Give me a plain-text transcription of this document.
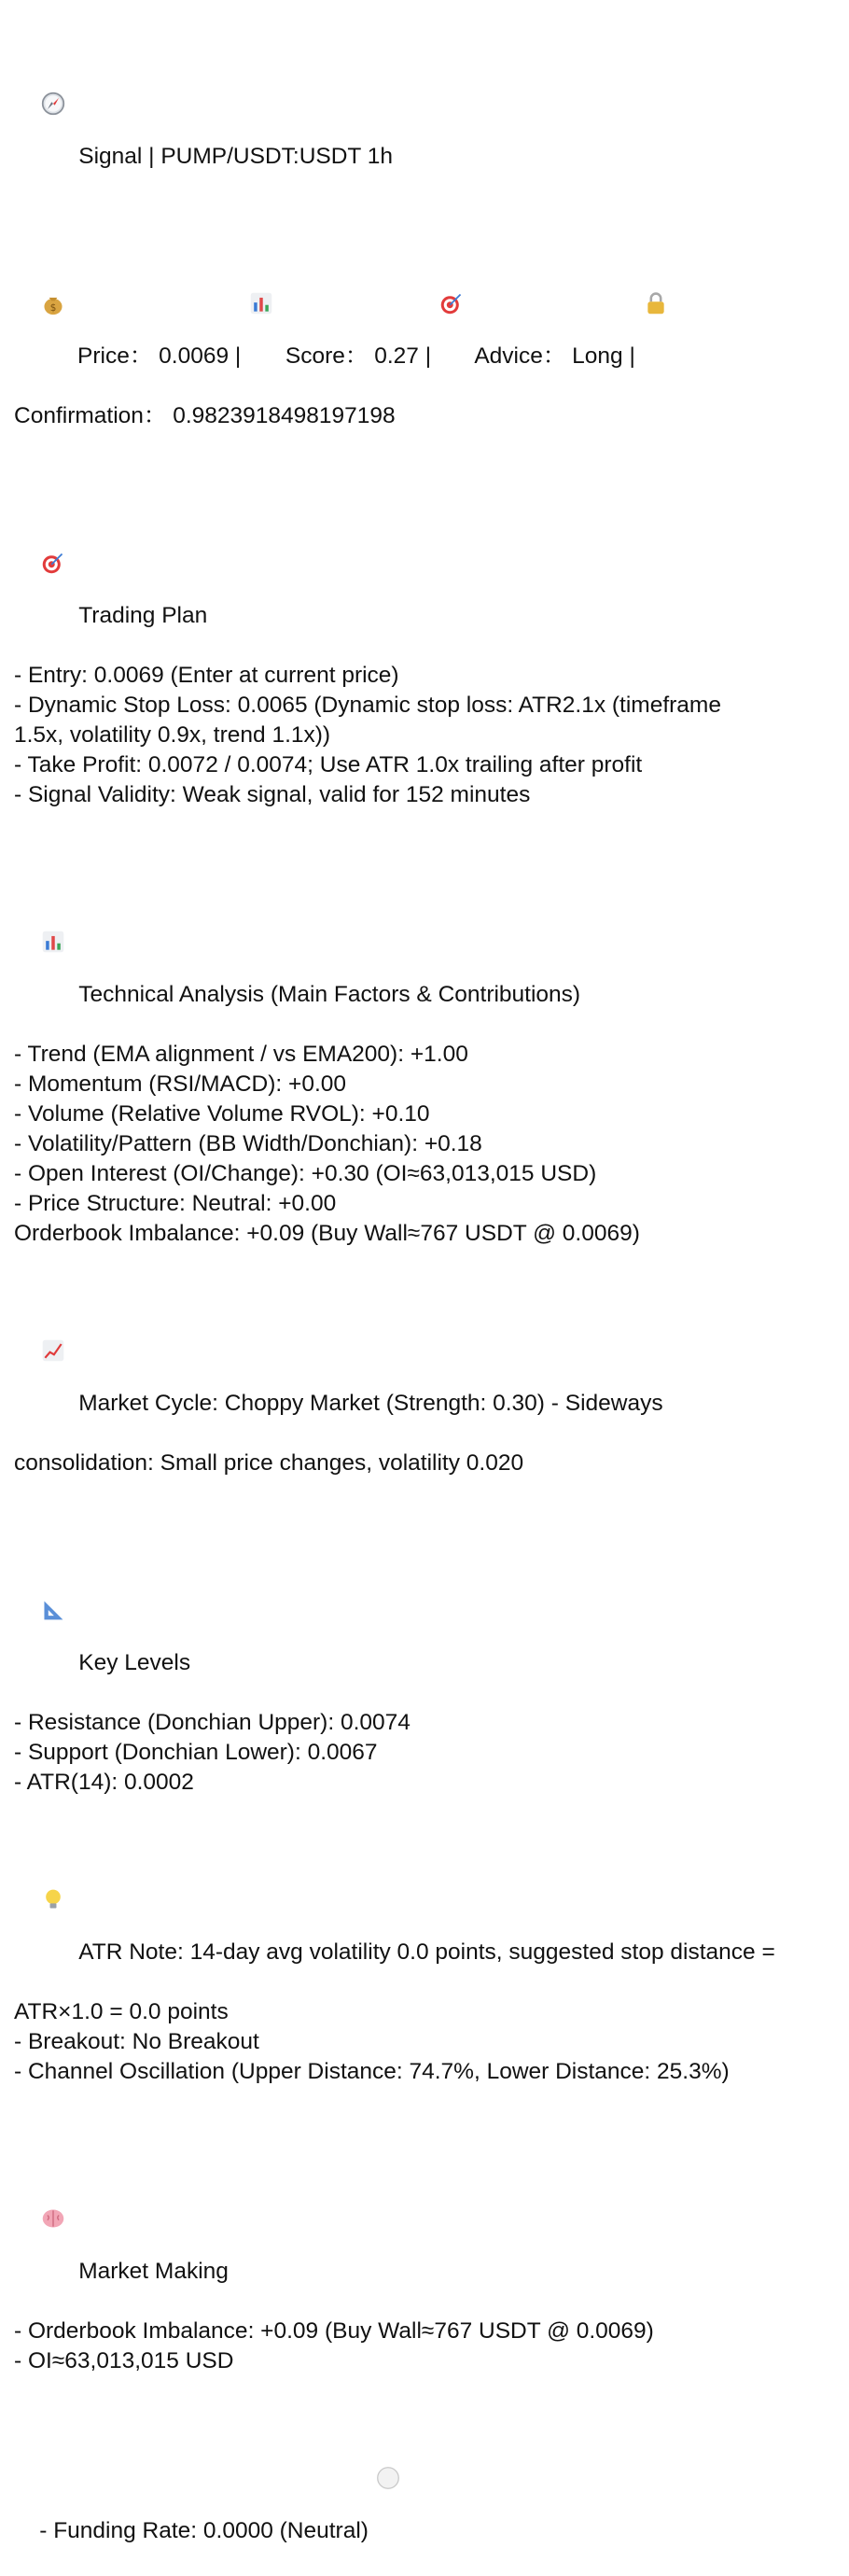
Signal | PUMP/USDT:USDT 1h

$

Price： 0.0069 |

Score： 0.27 |

Advice： Long |

Confirmation： 0.9823918498197198

Trading Plan

- Entry: 0.0069 (Enter at current price)
- Dynamic Stop Loss: 0.0065 (Dynamic stop loss: ATR2.1x (timeframe
1.5x, volatility 0.9x, trend 1.1x))
- Take Profit: 0.0072 / 0.0074; Use ATR 1.0x trailing after profit
- Signal Validity: Weak signal, valid for 152 minutes

Technical Analysis (Main Factors & Contributions)

- Trend (EMA alignment / vs EMA200): +1.00
- Momentum (RSI/MACD): +0.00
- Volume (Relative Volume RVOL): +0.10
- Volatility/Pattern (BB Width/Donchian): +0.18
- Open Interest (OI/Change): +0.30 (OI≈63,013,015 USD)
- Price Structure: Neutral: +0.00
Orderbook Imbalance: +0.09 (Buy Wall≈767 USDT @ 0.0069)

Market Cycle: Choppy Market (Strength: 0.30) - Sideways

consolidation: Small price changes, volatility 0.020

Key Levels

- Resistance (Donchian Upper): 0.0074
- Support (Donchian Lower): 0.0067
- ATR(14): 0.0002

ATR Note: 14-day avg volatility 0.0 points, suggested stop distance =

ATR×1.0 = 0.0 points
- Breakout: No Breakout
- Channel Oscillation (Upper Distance: 74.7%, Lower Distance: 25.3%)

Market Making

- Orderbook Imbalance: +0.09 (Buy Wall≈767 USDT @ 0.0069)
- OI≈63,013,015 USD

- Funding Rate: 0.0000 (Neutral)
